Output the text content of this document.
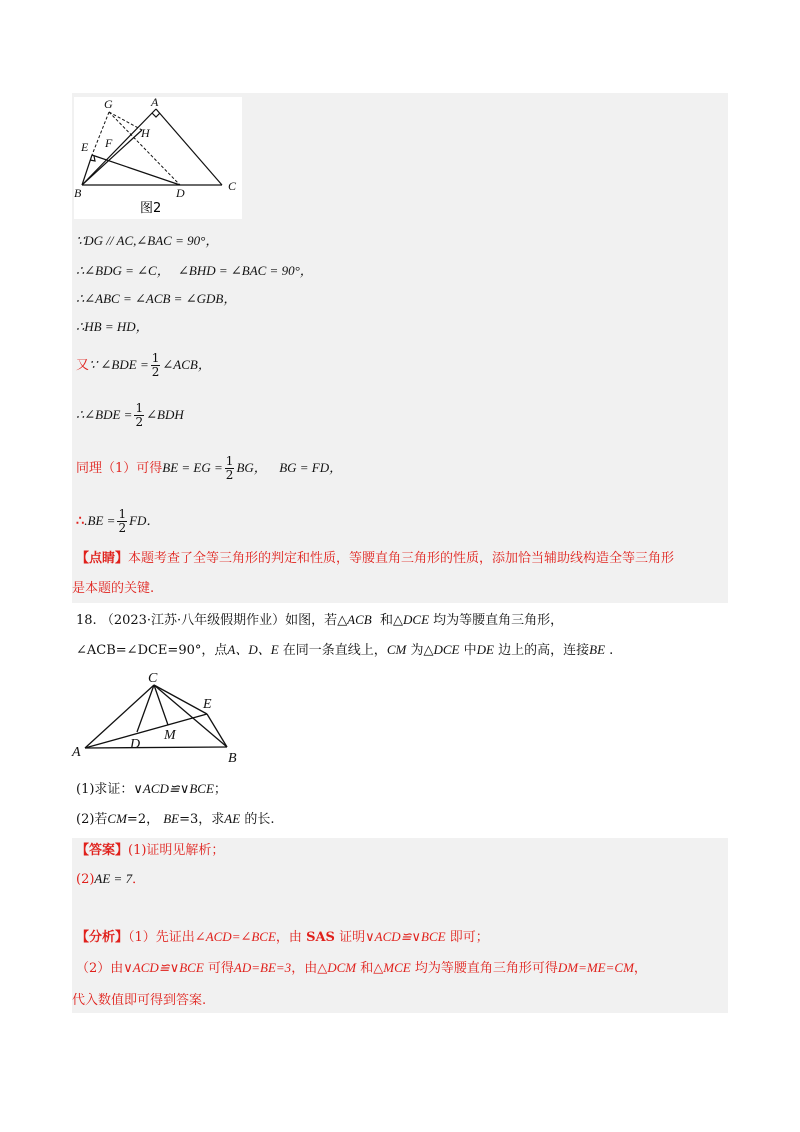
G	A
H
E F
B	D	C
图2
∵DG // AC,∠BAC = 90°，
∴∠BDG = ∠C， ∠BHD = ∠BAC = 90°，
∴∠ABC = ∠ACB = ∠GDB，
∴HB = HD，
又∵ ∠BDE = $\frac{1}{2}$ ∠ACB，
∴∠BDE = $\frac{1}{2}$ ∠BDH
同理（1）可得BE = EG = $\frac{1}{2}$ BG， BG = FD，
∴.BE = $\frac{1}{2}$ FD．
【点睛】本题考查了全等三角形的判定和性质，等腰直角三角形的性质，添加恰当辅助线构造全等三角形
是本题的关键.
18. （2023·江苏·八年级假期作业）如图，若△ACB 和△DCE 均为等腰直角三角形，
∠ACB=∠DCE=90°，点A、D、E 在同一条直线上，CM 为△DCE 中DE 边上的高，连接BE .
C
E
M
D
A	B
(1)求证：∨ACD≌∨BCE；
(2)若CM=2， BE=3，求AE 的长.
【答案】(1)证明见解析；
(2)AE = 7．
【分析】（1）先证出∠ACD=∠BCE，由 SAS 证明∨ACD≌∨BCE 即可；
（2）由∨ACD≌∨BCE 可得AD=BE=3，由△DCM 和△MCE 均为等腰直角三角形可得DM=ME=CM，
代入数值即可得到答案.
